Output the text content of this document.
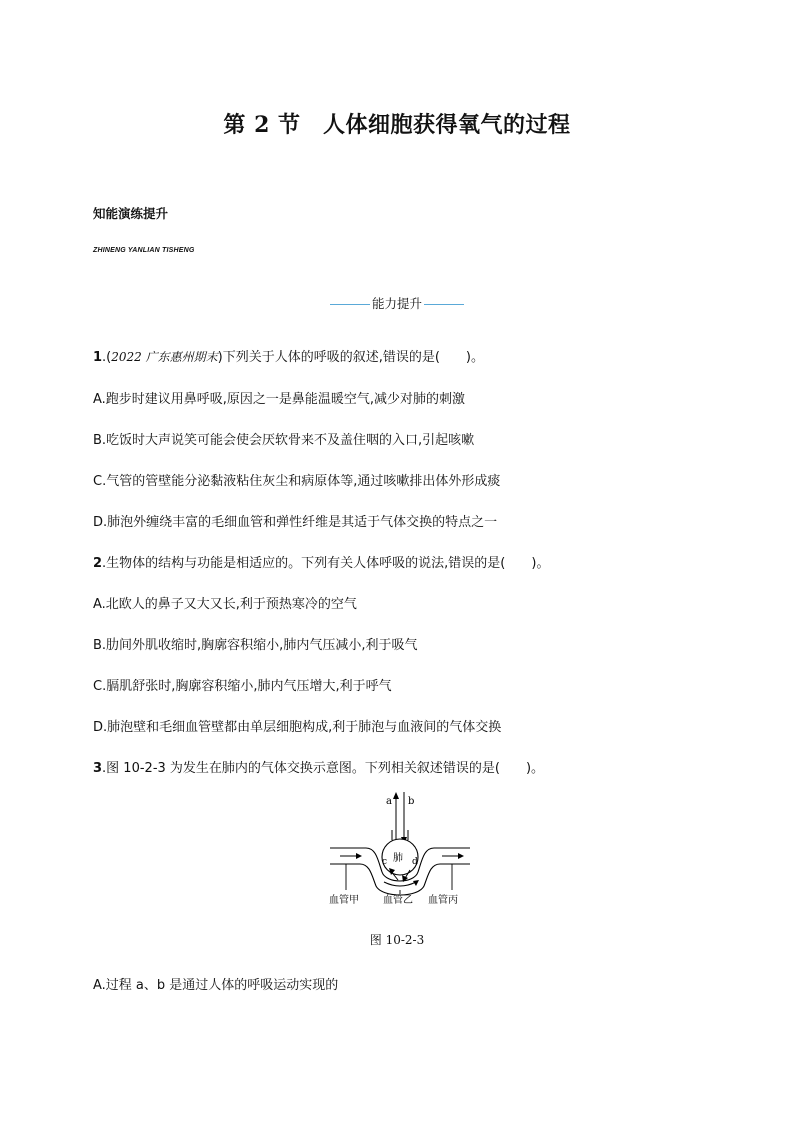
第 2 节　人体细胞获得氧气的过程
知能演练提升
ZHINENG YANLIAN TISHENG
能力提升
1.(2022 广东惠州期末)下列关于人体的呼吸的叙述,错误的是(　　)。
A.跑步时建议用鼻呼吸,原因之一是鼻能温暖空气,减少对肺的刺激
B.吃饭时大声说笑可能会使会厌软骨来不及盖住咽的入口,引起咳嗽
C.气管的管壁能分泌黏液粘住灰尘和病原体等,通过咳嗽排出体外形成痰
D.肺泡外缠绕丰富的毛细血管和弹性纤维是其适于气体交换的特点之一
2.生物体的结构与功能是相适应的。下列有关人体呼吸的说法,错误的是(　　)。
A.北欧人的鼻子又大又长,利于预热寒冷的空气
B.肋间外肌收缩时,胸廓容积缩小,肺内气压减小,利于吸气
C.膈肌舒张时,胸廓容积缩小,肺内气压增大,利于呼气
D.肺泡壁和毛细血管壁都由单层细胞构成,利于肺泡与血液间的气体交换
3.图 10-2-3 为发生在肺内的气体交换示意图。下列相关叙述错误的是(　　)。
a b
肺
c	d
血管甲 血管乙 血管丙
图 10-2-3
A.过程 a、b 是通过人体的呼吸运动实现的
